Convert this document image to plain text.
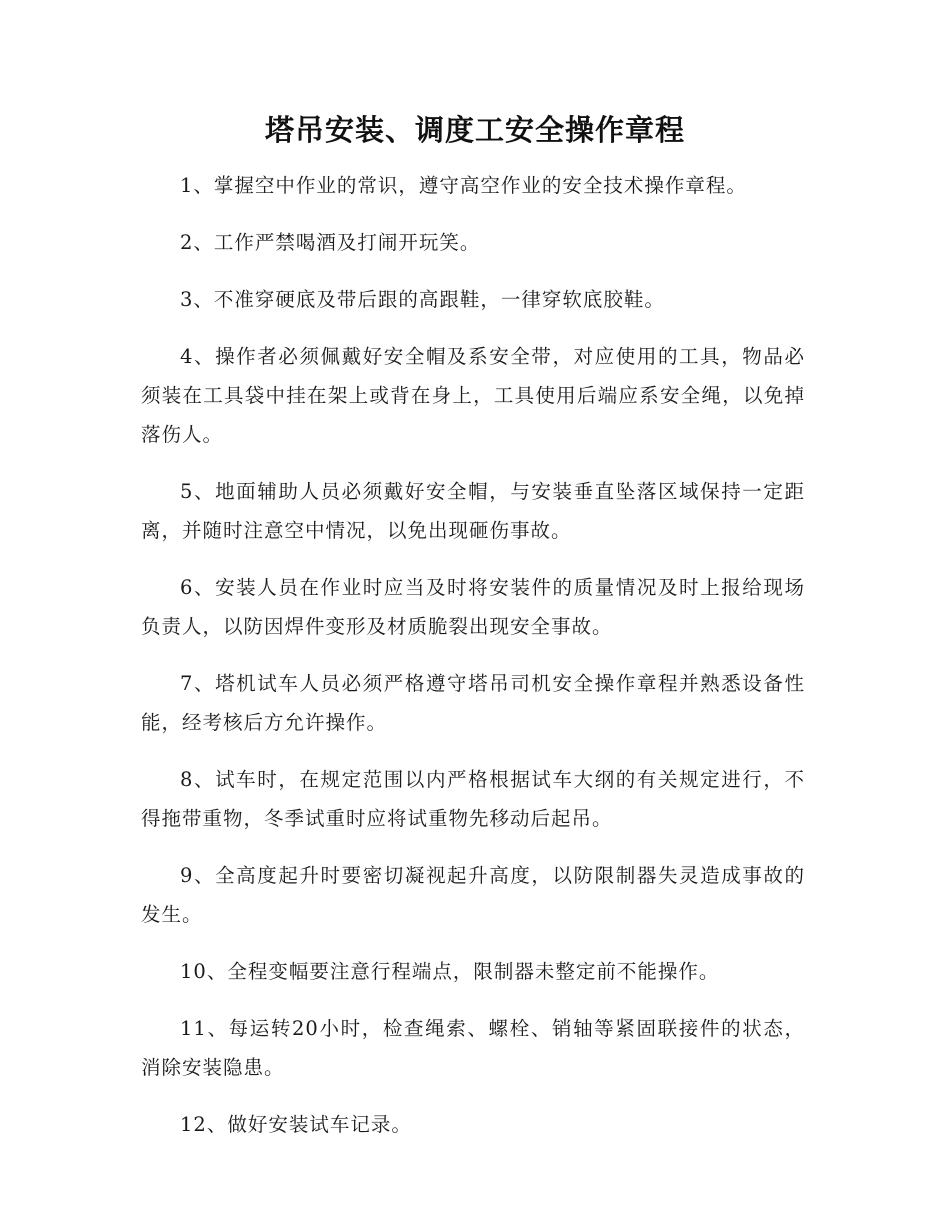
塔吊安装、调度工安全操作章程

1、掌握空中作业的常识，遵守高空作业的安全技术操作章程。

2、工作严禁喝酒及打闹开玩笑。

3、不准穿硬底及带后跟的高跟鞋，一律穿软底胶鞋。

4、操作者必须佩戴好安全帽及系安全带，对应使用的工具，物品必须装在工具袋中挂在架上或背在身上，工具使用后端应系安全绳，以免掉落伤人。

5、地面辅助人员必须戴好安全帽，与安装垂直坠落区域保持一定距离，并随时注意空中情况，以免出现砸伤事故。

6、安装人员在作业时应当及时将安装件的质量情况及时上报给现场负责人，以防因焊件变形及材质脆裂出现安全事故。

7、塔机试车人员必须严格遵守塔吊司机安全操作章程并熟悉设备性能，经考核后方允许操作。

8、试车时，在规定范围以内严格根据试车大纲的有关规定进行，不得拖带重物，冬季试重时应将试重物先移动后起吊。

9、全高度起升时要密切凝视起升高度，以防限制器失灵造成事故的发生。

10、全程变幅要注意行程端点，限制器未整定前不能操作。

11、每运转20小时，检查绳索、螺栓、销轴等紧固联接件的状态，消除安装隐患。

12、做好安装试车记录。
